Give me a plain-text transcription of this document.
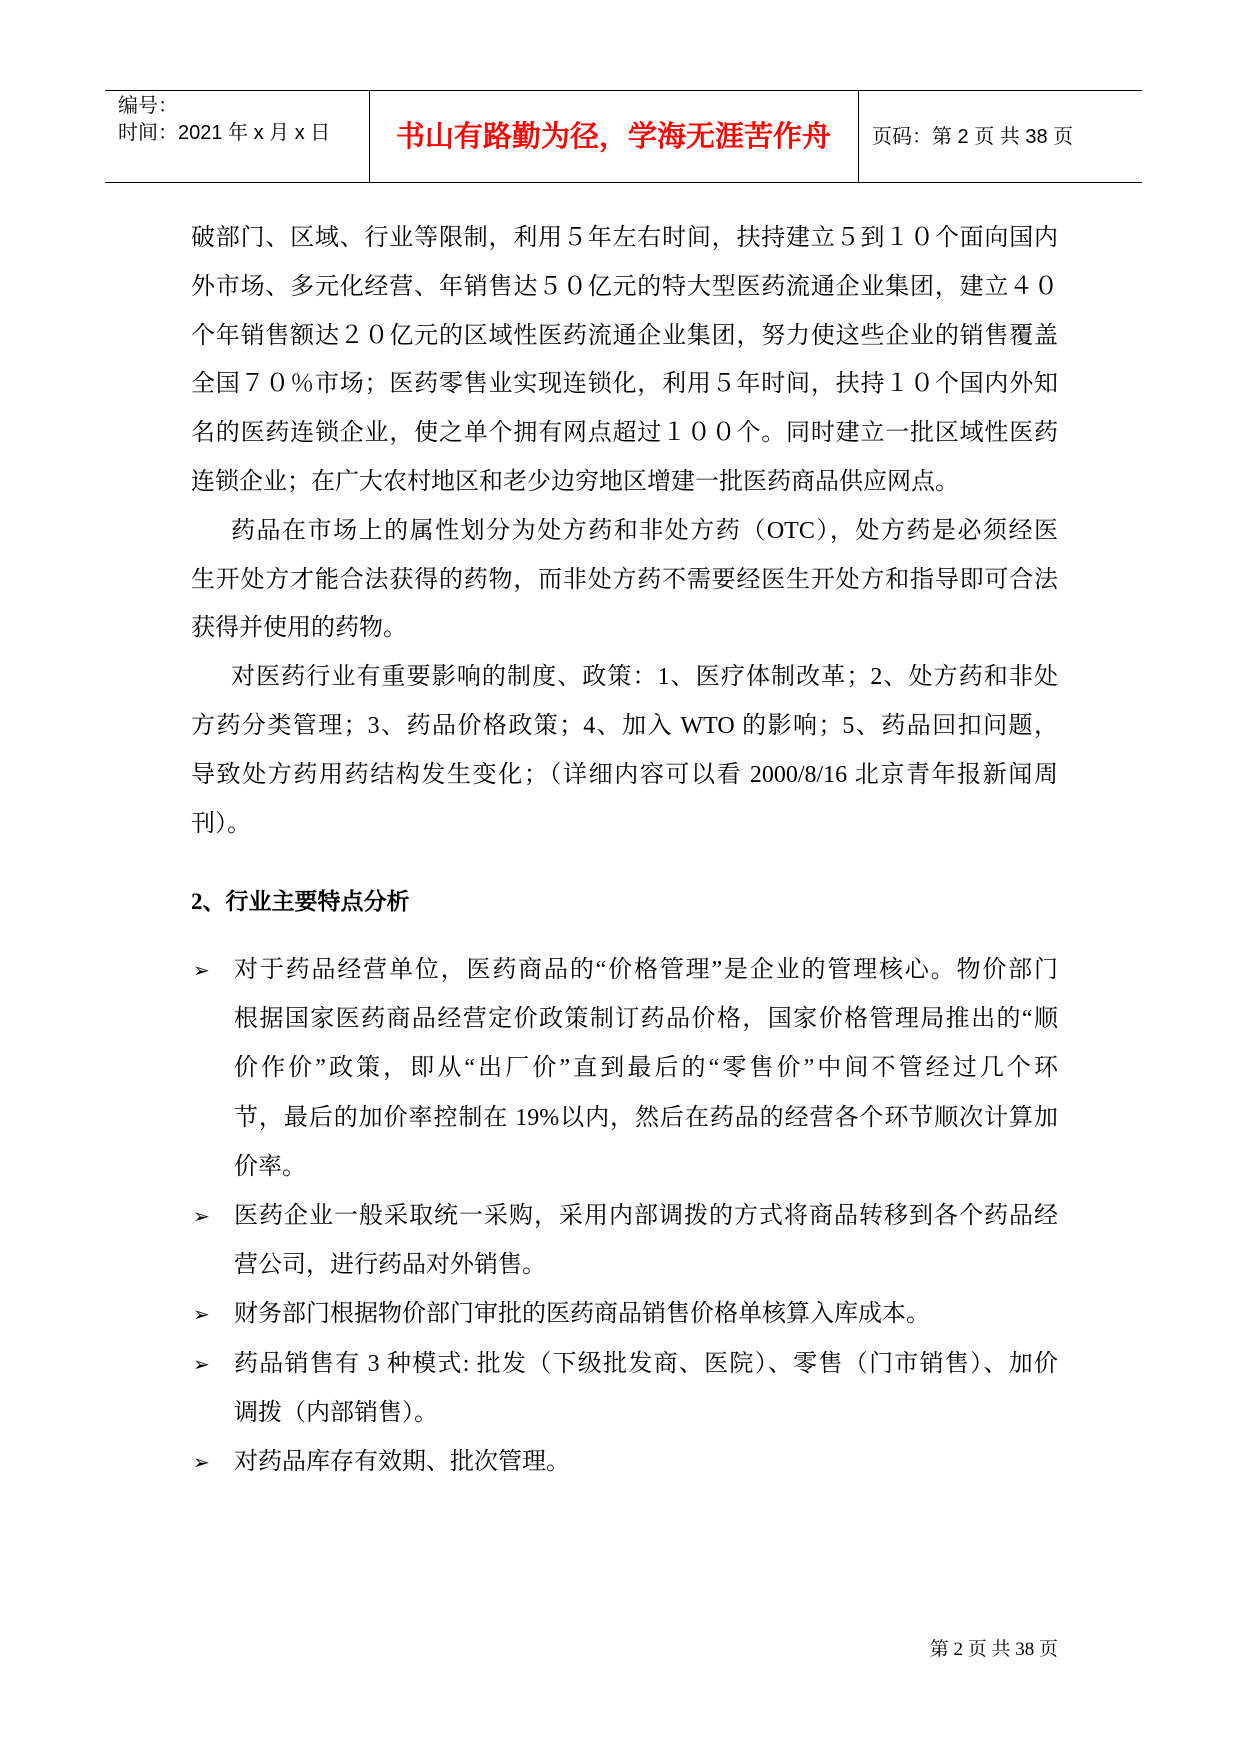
编号：
时间：2021 年 x 月 x 日	书山有路勤为径，学海无涯苦作舟	页码：第 2 页 共 38 页
破部门、区域、行业等限制，利用５年左右时间，扶持建立５到１０个面向国内
外市场、多元化经营、年销售达５０亿元的特大型医药流通企业集团，建立４０
个年销售额达２０亿元的区域性医药流通企业集团，努力使这些企业的销售覆盖
全国７０％市场；医药零售业实现连锁化，利用５年时间，扶持１０个国内外知
名的医药连锁企业，使之单个拥有网点超过１００个。同时建立一批区域性医药
连锁企业；在广大农村地区和老少边穷地区增建一批医药商品供应网点。
药品在市场上的属性划分为处方药和非处方药（OTC），处方药是必须经医
生开处方才能合法获得的药物，而非处方药不需要经医生开处方和指导即可合法
获得并使用的药物。
对医药行业有重要影响的制度、政策：1、医疗体制改革；2、处方药和非处
方药分类管理；3、药品价格政策；4、加入 WTO 的影响；5、药品回扣问题，
导致处方药用药结构发生变化；（详细内容可以看 2000/8/16 北京青年报新闻周
刊）。
2、行业主要特点分析
➢ 对于药品经营单位，医药商品的“价格管理”是企业的管理核心。物价部门
根据国家医药商品经营定价政策制订药品价格，国家价格管理局推出的“顺
价作价”政策，即从“出厂价”直到最后的“零售价”中间不管经过几个环
节，最后的加价率控制在 19%以内，然后在药品的经营各个环节顺次计算加
价率。
➢ 医药企业一般采取统一采购，采用内部调拨的方式将商品转移到各个药品经
营公司，进行药品对外销售。
➢ 财务部门根据物价部门审批的医药商品销售价格单核算入库成本。
➢ 药品销售有 3 种模式: 批发（下级批发商、医院）、零售（门市销售）、加价
调拨（内部销售）。
➢ 对药品库存有效期、批次管理。
第 2 页 共 38 页
